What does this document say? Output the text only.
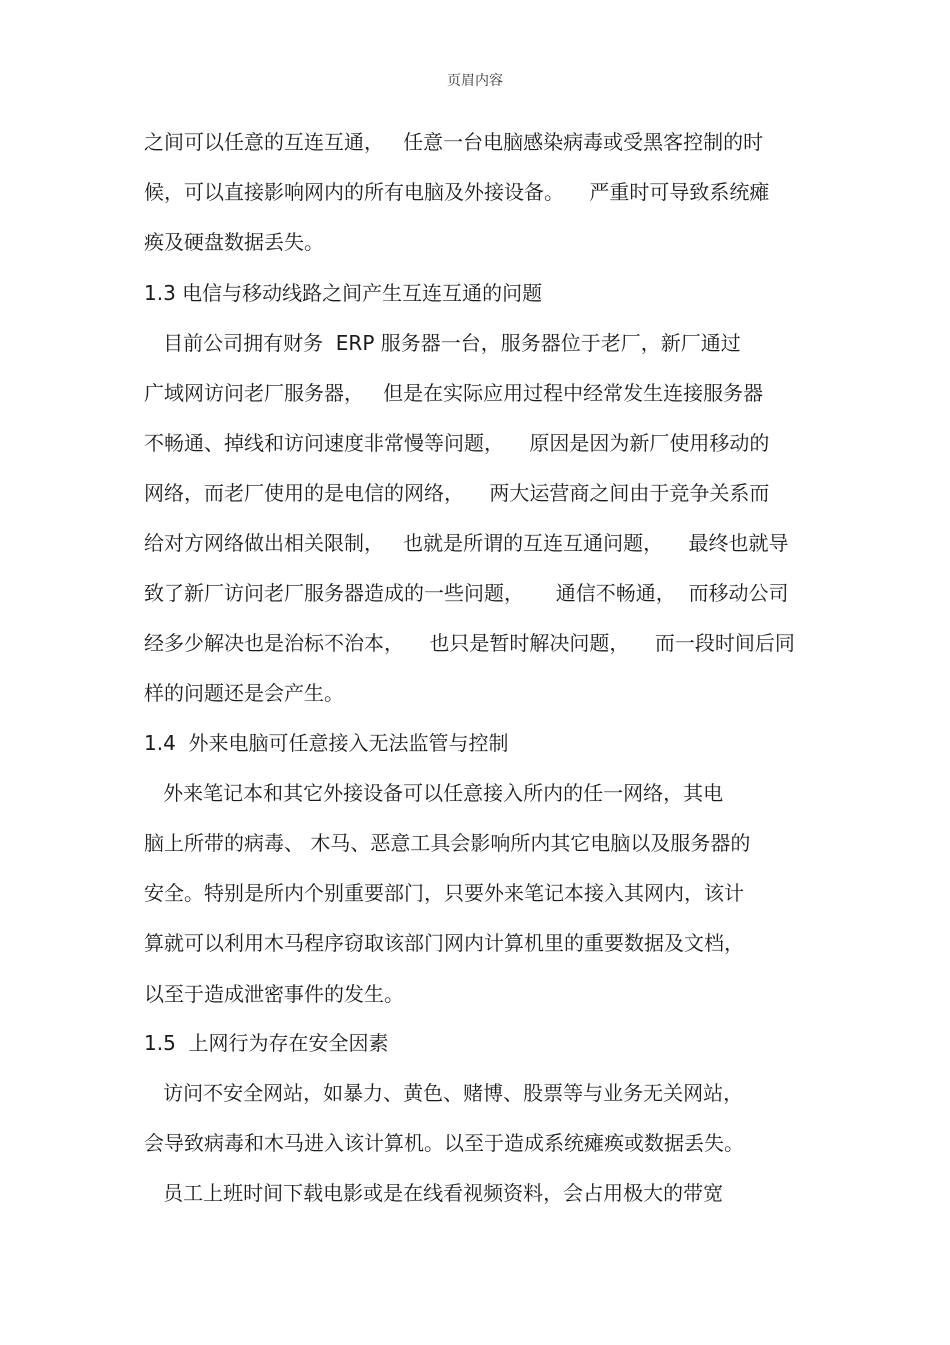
页眉内容
之间可以任意的互连互通，   任意一台电脑感染病毒或受黑客控制的时
候，可以直接影响网内的所有电脑及外接设备。    严重时可导致系统瘫
痪及硬盘数据丢失。
1.3 电信与移动线路之间产生互连互通的问题
目前公司拥有财务  ERP 服务器一台，服务器位于老厂，新厂通过
广域网访问老厂服务器，   但是在实际应用过程中经常发生连接服务器
不畅通、掉线和访问速度非常慢等问题，    原因是因为新厂使用移动的
网络，而老厂使用的是电信的网络，    两大运营商之间由于竞争关系而
给对方网络做出相关限制，   也就是所谓的互连互通问题，    最终也就导
致了新厂访问老厂服务器造成的一些问题，     通信不畅通，  而移动公司
经多少解决也是治标不治本，    也只是暂时解决问题，    而一段时间后同
样的问题还是会产生。
1.4  外来电脑可任意接入无法监管与控制
外来笔记本和其它外接设备可以任意接入所内的任一网络，其电
脑上所带的病毒、 木马、恶意工具会影响所内其它电脑以及服务器的
安全。特别是所内个别重要部门，只要外来笔记本接入其网内，该计
算就可以利用木马程序窃取该部门网内计算机里的重要数据及文档，
以至于造成泄密事件的发生。
1.5  上网行为存在安全因素
访问不安全网站，如暴力、黄色、赌博、股票等与业务无关网站，
会导致病毒和木马进入该计算机。以至于造成系统瘫痪或数据丢失。
员工上班时间下载电影或是在线看视频资料，会占用极大的带宽
